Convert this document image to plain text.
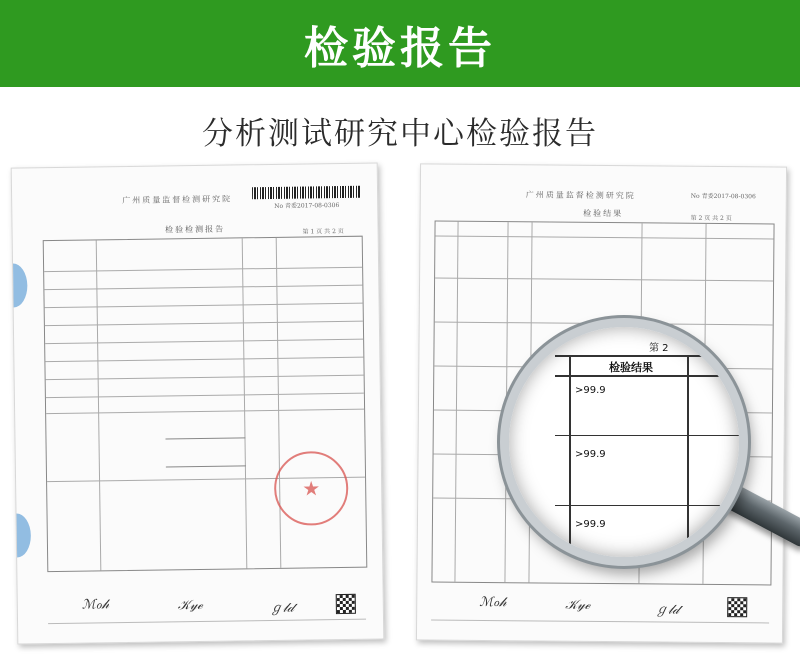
检验报告
分析测试研究中心检验报告
广州质量监督检测研究院
No 青委2017-08-0306
检验检测报告	第 1 页 共 2 页
★
ℳℴ𝒽	𝒦𝓎ℯ	ℊ𝓁𝒹
广州质量监督检测研究院	No 青委2017-08-0306
检验结果
第 2 页 共 2 页
ℳℴ𝒽	𝒦𝓎ℯ	ℊ𝓁𝒹
第 2
检验结果
>99.9
>99.9
>99.9
